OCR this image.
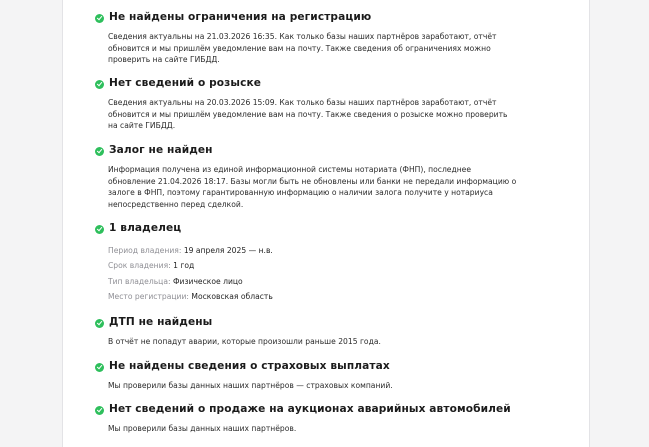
Не найдены ограничения на регистрацию
Сведения актуальны на 21.03.2026 16:35. Как только базы наших партнёров заработают, отчёт
обновится и мы пришлём уведомление вам на почту. Также сведения об ограничениях можно
проверить на сайте ГИБДД.
Нет сведений о розыске
Сведения актуальны на 20.03.2026 15:09. Как только базы наших партнёров заработают, отчёт
обновится и мы пришлём уведомление вам на почту. Также сведения о розыске можно проверить
на сайте ГИБДД.
Залог не найден
Информация получена из единой информационной системы нотариата (ФНП), последнее
обновление 21.04.2026 18:17. Базы могли быть не обновлены или банки не передали информацию о
залоге в ФНП, поэтому гарантированную информацию о наличии залога получите у нотариуса
непосредственно перед сделкой.
1 владелец
Период владения: 19 апреля 2025 — н.в.
Срок владения: 1 год
Тип владельца: Физическое лицо
Место регистрации: Московская область
ДТП не найдены
В отчёт не попадут аварии, которые произошли раньше 2015 года.
Не найдены сведения о страховых выплатах
Мы проверили базы данных наших партнёров — страховых компаний.
Нет сведений о продаже на аукционах аварийных автомобилей
Мы проверили базы данных наших партнёров.
